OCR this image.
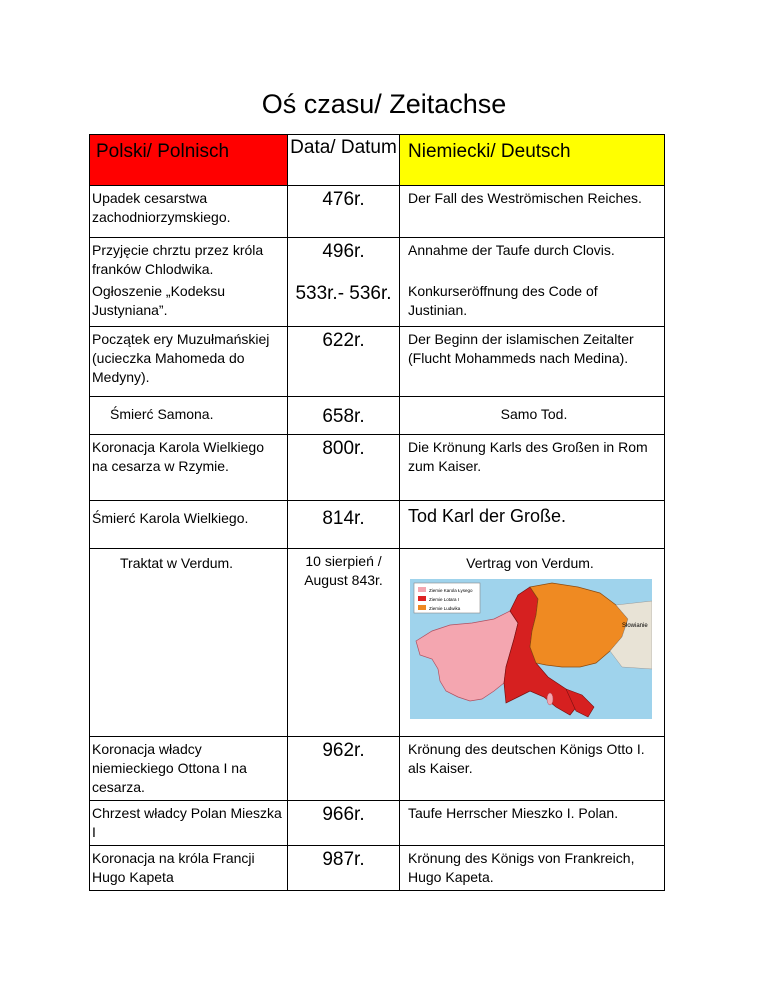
Oś czasu/ Zeitachse
Polski/ Polnisch	Data/ Datum	Niemiecki/ Deutsch
Upadek cesarstwa zachodniorzymskiego.	476r.	Der Fall des Weströmischen Reiches.
Przyjęcie chrztu przez króla franków Chlodwika.	496r.	Annahme der Taufe durch Clovis.
Ogłoszenie „Kodeksu Justyniana”.	533r.- 536r.	Konkurseröffnung des Code of Justinian.
Początek ery Muzułmańskiej (ucieczka Mahomeda do Medyny).	622r.	Der Beginn der islamischen Zeitalter (Flucht Mohammeds nach Medina).
Śmierć Samona.	658r.	Samo Tod.
Koronacja Karola Wielkiego na cesarza w Rzymie.	800r.	Die Krönung Karls des Großen in Rom zum Kaiser.
Śmierć Karola Wielkiego.	814r.	Tod Karl der Große.
Traktat w Verdum.	10 sierpień / August 843r.	Vertrag von Verdum.
Ziemie Karola Łysego
Ziemie Lotara I
Ziemie Ludwika
Słowianie

Koronacja władcy niemieckiego Ottona I na cesarza.	962r.	Krönung des deutschen Königs Otto I. als Kaiser.
Chrzest władcy Polan Mieszka I	966r.	Taufe Herrscher Mieszko I. Polan.
Koronacja na króla Francji Hugo Kapeta	987r.	Krönung des Königs von Frankreich, Hugo Kapeta.
